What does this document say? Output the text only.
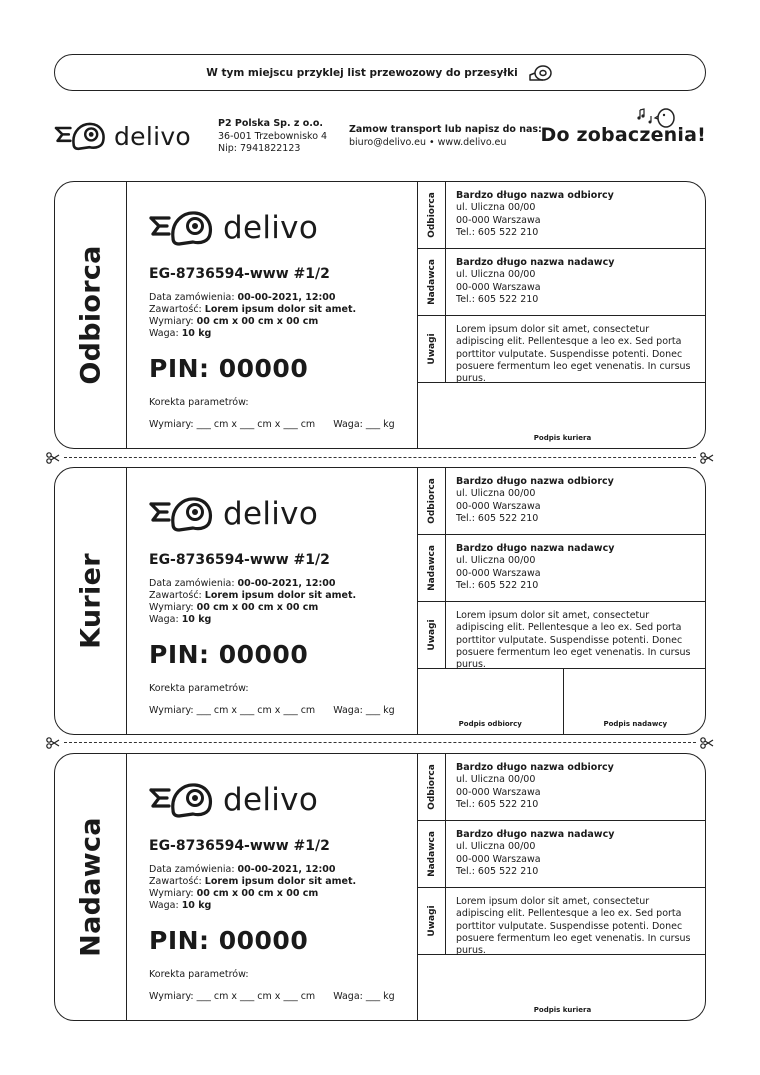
W tym miejscu przyklej list przewozowy do przesyłki
delivo	P2 Polska Sp. z o.o.
36-001 Trzebownisko 4
Nip: 7941822123
Zamow transport lub napisz do nas:
biuro@delivo.eu • www.delivo.eu	Do zobaczenia!
Odbiorca
delivo
EG-8736594-www #1/2
Data zamówienia: 00-00-2021, 12:00
Zawartość: Lorem ipsum dolor sit amet.
Wymiary: 00 cm x 00 cm x 00 cm
Waga: 10 kg
PIN: 00000
Korekta parametrów:
Wymiary: ___ cm x ___ cm x ___ cm Waga: ___ kg
Odbiorca Bardzo długo nazwa odbiorcy
ul. Uliczna 00/00
00-000 Warszawa
Tel.: 605 522 210
Nadawca Bardzo długo nazwa nadawcy
ul. Uliczna 00/00
00-000 Warszawa
Tel.: 605 522 210
Uwagi
Lorem ipsum dolor sit amet, consectetur adipiscing elit. Pellentesque a leo ex. Sed porta porttitor vulputate. Suspendisse potenti. Donec posuere fermentum leo eget venenatis. In cursus purus.
Podpis kuriera
Kurier
delivo
EG-8736594-www #1/2
Data zamówienia: 00-00-2021, 12:00
Zawartość: Lorem ipsum dolor sit amet.
Wymiary: 00 cm x 00 cm x 00 cm
Waga: 10 kg
PIN: 00000
Korekta parametrów:
Wymiary: ___ cm x ___ cm x ___ cm Waga: ___ kg
Odbiorca Bardzo długo nazwa odbiorcy
ul. Uliczna 00/00
00-000 Warszawa
Tel.: 605 522 210
Nadawca Bardzo długo nazwa nadawcy
ul. Uliczna 00/00
00-000 Warszawa
Tel.: 605 522 210
Uwagi
Lorem ipsum dolor sit amet, consectetur adipiscing elit. Pellentesque a leo ex. Sed porta porttitor vulputate. Suspendisse potenti. Donec posuere fermentum leo eget venenatis. In cursus purus.
Podpis odbiorcy	Podpis nadawcy
Nadawca
delivo
EG-8736594-www #1/2
Data zamówienia: 00-00-2021, 12:00
Zawartość: Lorem ipsum dolor sit amet.
Wymiary: 00 cm x 00 cm x 00 cm
Waga: 10 kg
PIN: 00000
Korekta parametrów:
Wymiary: ___ cm x ___ cm x ___ cm Waga: ___ kg
Odbiorca Bardzo długo nazwa odbiorcy
ul. Uliczna 00/00
00-000 Warszawa
Tel.: 605 522 210
Nadawca Bardzo długo nazwa nadawcy
ul. Uliczna 00/00
00-000 Warszawa
Tel.: 605 522 210
Uwagi
Lorem ipsum dolor sit amet, consectetur adipiscing elit. Pellentesque a leo ex. Sed porta porttitor vulputate. Suspendisse potenti. Donec posuere fermentum leo eget venenatis. In cursus purus.
Podpis kuriera
